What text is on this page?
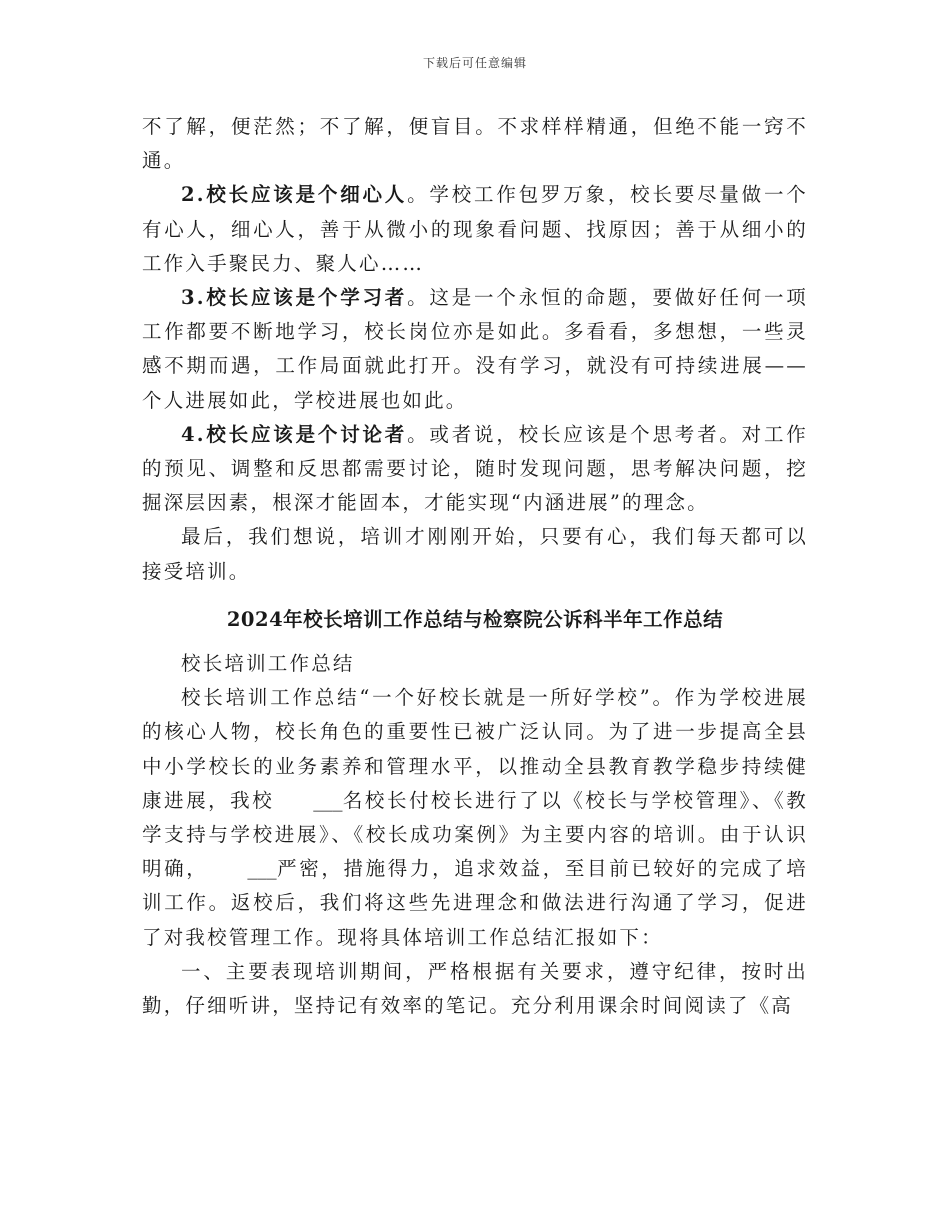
下载后可任意编辑

不了解，便茫然；不了解，便盲目。不求样样精通，但绝不能一窍不通。

2.校长应该是个细心人。学校工作包罗万象，校长要尽量做一个有心人，细心人，善于从微小的现象看问题、找原因；善于从细小的工作入手聚民力、聚人心……

3.校长应该是个学习者。这是一个永恒的命题，要做好任何一项工作都要不断地学习，校长岗位亦是如此。多看看，多想想，一些灵感不期而遇，工作局面就此打开。没有学习，就没有可持续进展——个人进展如此，学校进展也如此。

4.校长应该是个讨论者。或者说，校长应该是个思考者。对工作的预见、调整和反思都需要讨论，随时发现问题，思考解决问题，挖掘深层因素，根深才能固本，才能实现“内涵进展”的理念。

最后，我们想说，培训才刚刚开始，只要有心，我们每天都可以接受培训。

2024年校长培训工作总结与检察院公诉科半年工作总结

校长培训工作总结

校长培训工作总结“一个好校长就是一所好学校”。作为学校进展的核心人物，校长角色的重要性已被广泛认同。为了进一步提高全县中小学校长的业务素养和管理水平，以推动全县教育教学稳步持续健康进展，我校 ___名校长付校长进行了以《校长与学校管理》、《教学支持与学校进展》、《校长成功案例》为主要内容的培训。由于认识明确， ___严密，措施得力，追求效益，至目前已较好的完成了培训工作。返校后，我们将这些先进理念和做法进行沟通了学习，促进了对我校管理工作。现将具体培训工作总结汇报如下：

一、主要表现培训期间，严格根据有关要求，遵守纪律，按时出勤，仔细听讲，坚持记有效率的笔记。充分利用课余时间阅读了《高
